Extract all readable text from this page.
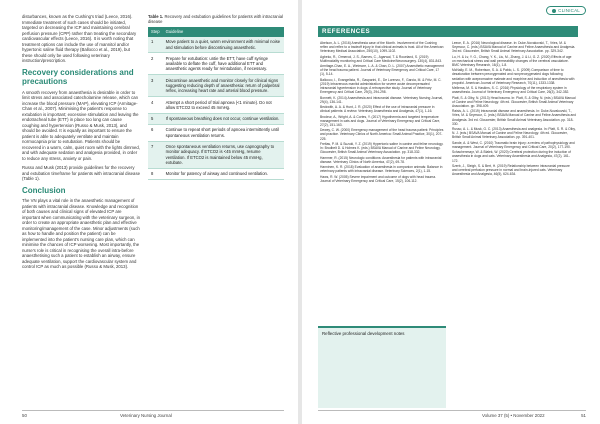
disturbances, known as the Cushing's triad (Leece, 2016). Immediate treatment of such cases should be initiated, targeted on decreasing the ICP and maintaining cerebral perfusion pressure (CPP) rather than treating the secondary cardiovascular effects (Leece, 2016). It is worth noting that treatment options can include the use of mannitol and/or hypertonic saline fluid therapy (Ballocco et al., 2019), but these should only be used following veterinary instruction/prescription.

Recovery considerations and precautions

A smooth recovery from anaesthesia is desirable in order to limit stress and associated catecholamine release, which can increase the blood pressure (MAP), elevating ICP (Armitage-Chan et al., 2007). Minimising the patient's response to extubation is important; excessive stimulation and leaving the endotracheal tube (ETT) in place too long can cause coughing and hypertension (Russo & Musk, 2013), and should be avoided. It is equally as important to ensure the patient is able to adequately ventilate and maintain normocapnia prior to extubation. Patients should be recovered in a warm, calm, quiet room with the lights dimmed, and with adequate sedation and analgesia provided, in order to reduce any stress, anxiety or pain.

Russo and Musk (2013) provide guidelines for the recovery and extubation timeframe for patients with intracranial disease (Table 1).

Conclusion

The VN plays a vital role in the anaesthetic management of patients with intracranial disease. Knowledge and recognition of both causes and clinical signs of elevated ICP are important when communicating with the veterinary surgeon, in order to create an appropriate anaesthetic plan and effective monitoring/management of the case. Minor adjustments (such as how to handle and position the patient) can be implemented into the patient's nursing care plan, which can minimise the chances of ICP worsening. Most importantly, the nurse's role is critical in recognising the overall intra-before anaesthetising such a patient to establish an airway, ensure adequate ventilation, support the cardiovascular system and control ICP as much as possible (Russo & Musk, 2013).

Table 1. Recovery and extubation guidelines for patients with intracranial disease
Step	Guideline
1	Move patient to a quiet, warm environment with minimal noise and stimulation before discontinuing anaesthetic.
2	Prepare for extubation: untie the ETT, have cuff syringe available to deflate the cuff, have additional ETT and anaesthetic agents ready for reintubation, if necessary.
3	Discontinue anaesthetic and monitor closely for clinical signs suggesting reducing depth of anaesthesia: return of palpebral reflex, increasing heart rate and arterial blood pressure.
4	Attempt a short period of trial apnoea (<1 minute). Do not allow ETCO2 to exceed 45 mmHg.
5	If spontaneous breathing does not occur, continue ventilation.
6	Continue to repeat short periods of apnoea intermittently until spontaneous ventilation returns.
7	Once spontaneous ventilation returns, use capnography to monitor adequacy. If ETCO2 is <45 mmHg, resume ventilation. If ETCO2 is maintained below 45 mmHg, extubate.
8	Monitor for patency of airway and continued ventilation.
50	Veterinary Nursing Journal
CLINICAL
REFERENCES

Abelson, A. L. (2016) Anesthesia case of the Month. Involvement of the Cushing reflex and reflex to a tradeoff injury in that clinical animals is trust. All of the American Veterinary Medical Association, 250(10), 1099-1102.

Agbeko, R., Ormerod, J. S., Barnes, C., Agarwal, T. & Roueland, S. (2019) Multimodality monitoring and Critical Care Medicine/Neurosurgery. 130(4), 831-843.

Armitage-Chan, E. A., Wetmore, L. A. & Chan, D. L. (2007) Anaesthetic management of the head trauma patient. Journal of Veterinary Emergency and Critical Care, 17 (1), 5-14.

Ballocco, I., Evangelista, R., Gasparini, E., De Lorenzo, F., Garcia, M. & Fritz, M. C. (2019) Intravenous manitol administration for severe acute decompensated intracranial hypertension in dogs: A retrospective study. Journal of Veterinary Emergency and Critical Care, 29(3), 294-298.

Bonnett, K. (2014) Anaesthesia and intracranial disease. Veterinary Nursing Journal, 29(4), 136-141.

Beckwith, A. A. & Hunt, J. R. (2020) Effect of the use of intracranial pressure in clinical patients: A review. Veterinary Anaesthesia and Analgesia, 47(1), 1-16.

Brodeur, A., Wright, A. & Cortes, Y. (2017) Hypothermia and targeted temperature management in cats and dogs. Journal of Veterinary Emergency and Critical Care, 27(2), 151-163.

Dewey, C. W. (2000) Emergency management of the head trauma patient: Principles and practice. Veterinary Clinics of North America: Small Animal Practice, 30(1), 207-225.

Freitas, P. M. & Suzuki, Y. Z. (2019) Hypertonic saline in canine and feline neurology. In: Brodbelt D. & Holmes K. (eds.) BSAVA Manual of Canine and Feline Neurology. Gloucester, British Small Animal Veterinary Association. pp. 318-332.

Hammer, R. (2015) Neurologic conditions: Anaesthesia for patients with intracranial disease. Veterinary Clinics of North America, 47(2), 69-78.

Hanninen, K. R. (2018) Evaluation of anaesthesia in companion animals: Balance in veterinary patients with intracranial disease. Veterinary Sciences, 2(1), 1-15.

Haws, R. W. (2005) Severe impairment and outcome of dogs with head trauma. Journal of Veterinary Emergency and Critical Care, 15(2), 106-112.

Leece, E. A. (2016) Neurological disease. In: Duke-Novakovski, T., Vries, M. & Seymour, C. (eds.) BSAVA Manual of Canine and Feline Anaesthesia and Analgesia. 3rd ed. Gloucester, British Small Animal Veterinary Association. pp. 329-342.

Lu, H. & Lv, Y. G., Chang, Y. K., Liu, M., Zhang, J. & Li, G. Z. (2020) Effects of age on mechanical stress and wall permeability changes of the cerebral vasculature. BMC Veterinary Research, 16(1), 1-8.

McNally, E. M., Robertson, S. A. & Pablo, L. S. (2009) Comparison of time to desaturation between preoxygenated and nonpreoxygenated dogs following sedation with acepromazine maleate and morphine and induction of anesthesia with propofol. American Journal of Veterinary Research, 70(11), 1333-1338.

Mellema, M. S. & Haskins, S. C. (2016) Physiology of the respiratory system in anaesthesia. Journal of Veterinary Emergency and Critical Care, 26(3), 342-352.

Platt, S. & Olby, N. (2013) Head trauma. In: Platt, S. & Olby, N. (eds.) BSAVA Manual of Canine and Feline Neurology. 4th ed. Gloucester, British Small Animal Veterinary Association. pp. 398-409.

Raisis, A. L. (2019) Intracranial disease and anaesthesia. In: Duke-Novakovski, T., Vries, M. & Seymour, C. (eds.) BSAVA Manual of Canine and Feline Anaesthesia and Analgesia. 3rd ed. Gloucester, British Small Animal Veterinary Association. pp. 318-330.

Russo, A. L. & Musk, G. C. (2013) Anaesthesia and analgesia. In: Platt, S. R. & Olby, N. J. (eds.) BSAVA Manual of Canine and Feline Neurology. 4th ed. Gloucester, British Small Animal Veterinary Association. pp. 391-401.

Sande, A. & West, C. (2010) Traumatic brain injury: a review of pathophysiology and management. Journal of Veterinary Emergency and Critical Care, 20(2), 177-190.

Schachenmayr, W. & Bialek, W. (2020) Cerebral protection during the induction of anaesthesia in dogs and cats. Veterinary Anaesthesia and Analgesia, 47(2), 161-172.

Szerb, J., Sleigh, S. & Bert, H. (2019) Relationship between intracranial pressure and cerebral perfusion pressure in normal and brain-injured cats. Veterinary Anaesthesia and Analgesia, 46(5), 624-634.

Reflective professional development notes
Volume 37 (5) • November 2022	51
